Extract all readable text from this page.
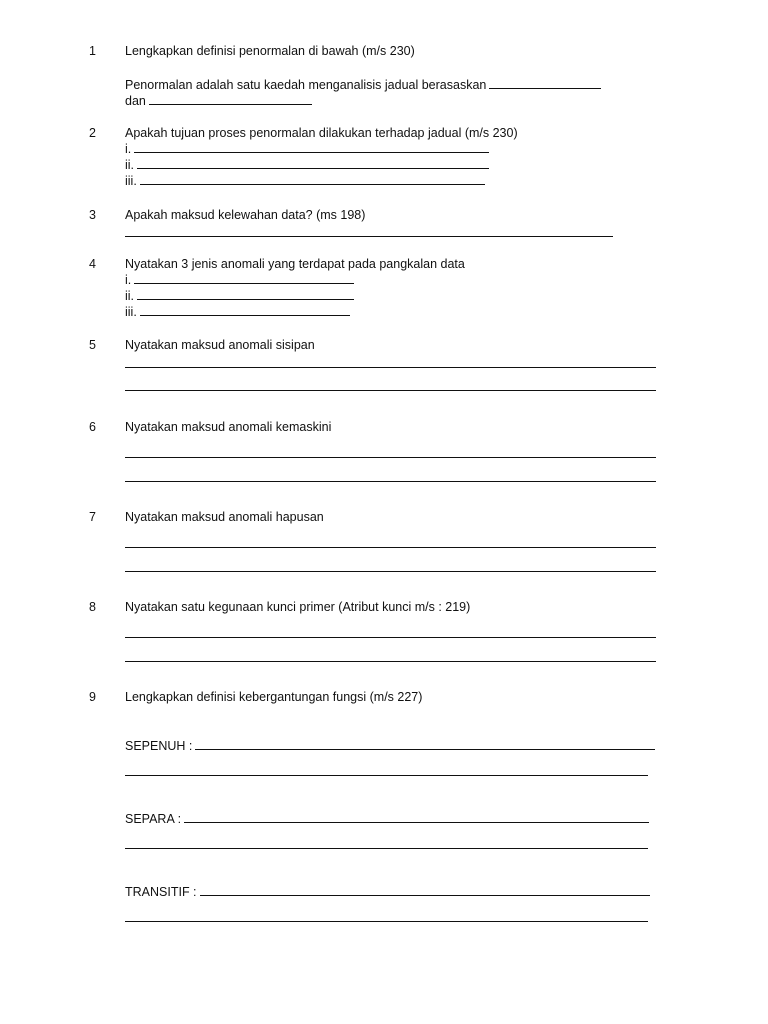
1 Lengkapkan definisi penormalan di bawah (m/s 230)
Penormalan adalah satu kaedah menganalisis jadual berasaskan
dan
2 Apakah tujuan proses penormalan dilakukan terhadap jadual (m/s 230)
i.
ii.
iii.
3 Apakah maksud kelewahan data? (ms 198)
4 Nyatakan 3 jenis anomali yang terdapat pada pangkalan data
i.
ii.
iii.
5 Nyatakan maksud anomali sisipan
6 Nyatakan maksud anomali kemaskini
7 Nyatakan maksud anomali hapusan
8 Nyatakan satu kegunaan kunci primer (Atribut kunci m/s : 219)
9 Lengkapkan definisi kebergantungan fungsi (m/s 227)
SEPENUH :
SEPARA :
TRANSITIF :
